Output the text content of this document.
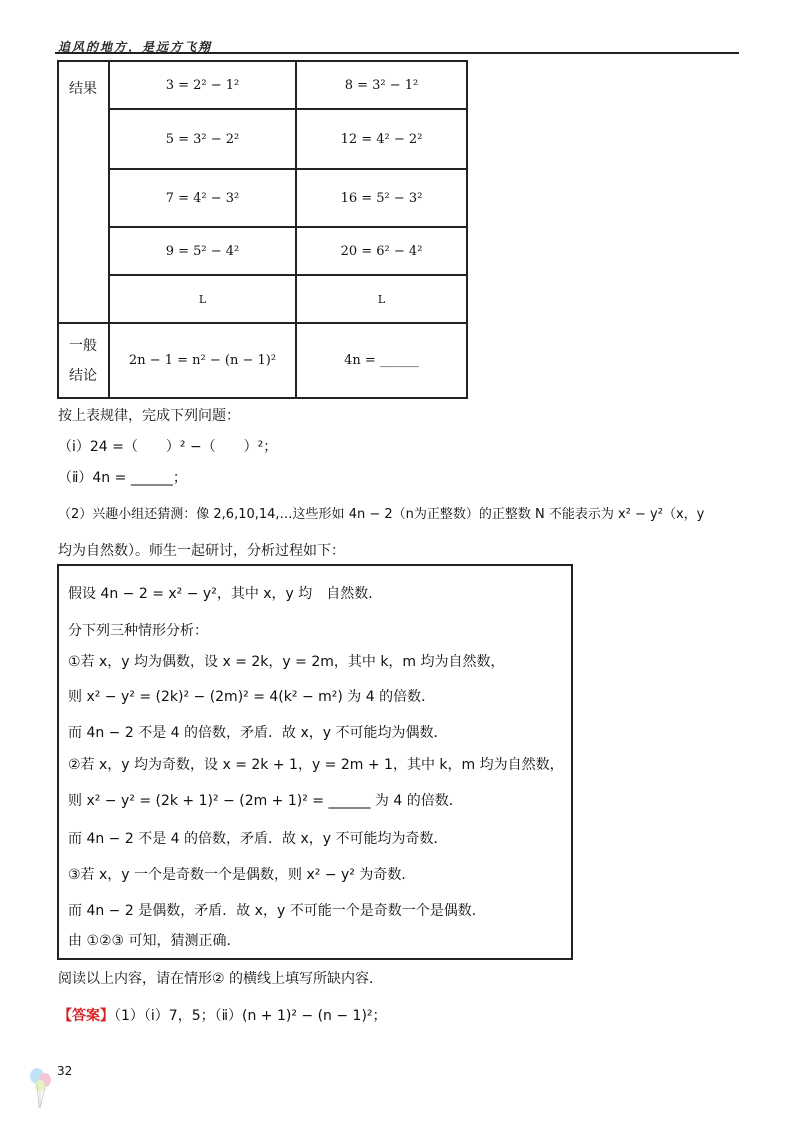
追风的地方，是远方飞翔
结果	3 = 2² − 1²	8 = 3² − 1²
	5 = 3² − 2²	12 = 4² − 2²
	7 = 4² − 3²	16 = 5² − 3²
	9 = 5² − 4²	20 = 6² − 4²
	L	L
一般
结论	2n − 1 = n² − (n − 1)²	4n = ______
按上表规律，完成下列问题：
（ⅰ）24 =（　　）² −（　　）²；
（ⅱ）4n = ______；
（2）兴趣小组还猜测：像 2,6,10,14,…这些形如 4n − 2（n为正整数）的正整数 N 不能表示为 x² − y²（x，y
均为自然数）。师生一起研讨，分析过程如下：
假设 4n − 2 = x² − y²，其中 x，y 均　自然数．
分下列三种情形分析：
①若 x，y 均为偶数，设 x = 2k，y = 2m，其中 k，m 均为自然数，
则 x² − y² = (2k)² − (2m)² = 4(k² − m²) 为 4 的倍数．
而 4n − 2 不是 4 的倍数，矛盾．故 x，y 不可能均为偶数．
②若 x，y 均为奇数，设 x = 2k + 1，y = 2m + 1，其中 k，m 均为自然数，
则 x² − y² = (2k + 1)² − (2m + 1)² = ______ 为 4 的倍数．
而 4n − 2 不是 4 的倍数，矛盾．故 x，y 不可能均为奇数．
③若 x，y 一个是奇数一个是偶数，则 x² − y² 为奇数．
而 4n − 2 是偶数，矛盾．故 x，y 不可能一个是奇数一个是偶数．
由 ①②③ 可知，猜测正确．
阅读以上内容，请在情形② 的横线上填写所缺内容．
【答案】（1）（ⅰ）7，5；（ⅱ）(n + 1)² − (n − 1)²；
32
